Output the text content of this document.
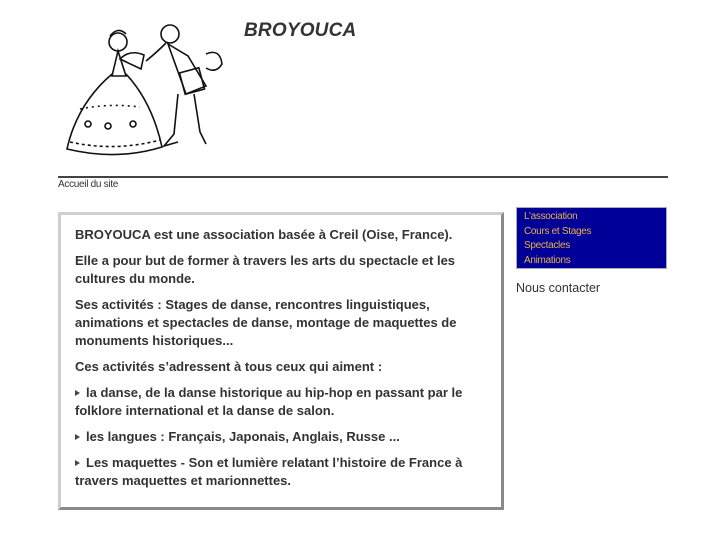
BROYOUCA
Accueil du site

BROYOUCA est une association basée à Creil (Oise, France).

Elle a pour but de former à travers les arts du spectacle et les cultures du monde.

Ses activités : Stages de danse, rencontres linguistiques, animations et spectacles de danse, montage de maquettes de monuments historiques...

Ces activités s’adressent à tous ceux qui aiment :

la danse, de la danse historique au hip-hop en passant par le folklore international et la danse de salon.

les langues : Français, Japonais, Anglais, Russe ...

Les maquettes - Son et lumière relatant l’histoire de France à travers maquettes et marionnettes.

L’association
Cours et Stages
Spectacles
Animations
Nous contacter
